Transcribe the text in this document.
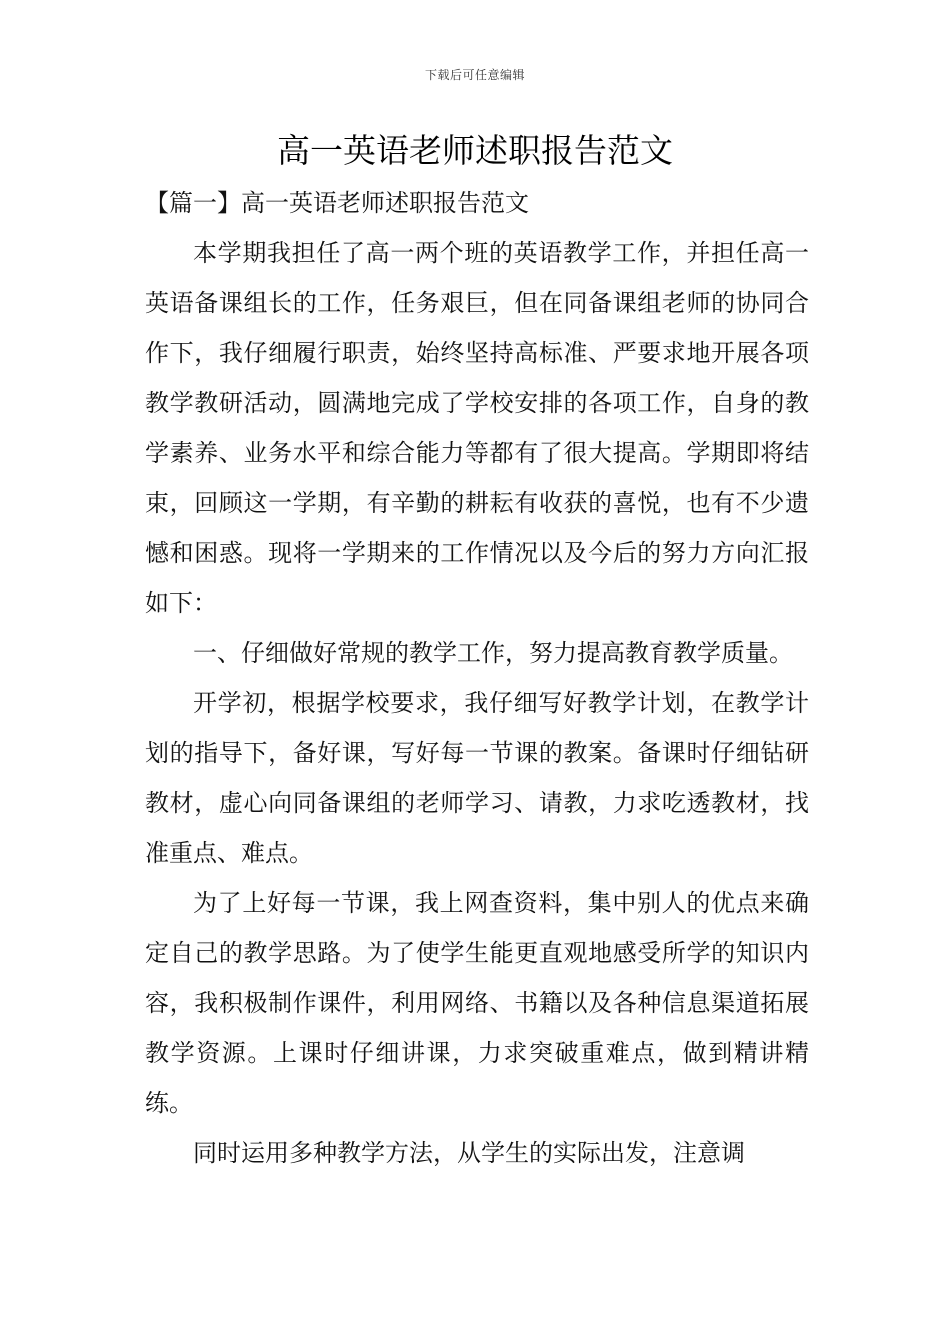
下载后可任意编辑
高一英语老师述职报告范文

【篇一】高一英语老师述职报告范文

本学期我担任了高一两个班的英语教学工作，并担任高一英语备课组长的工作，任务艰巨，但在同备课组老师的协同合作下，我仔细履行职责，始终坚持高标准、严要求地开展各项教学教研活动，圆满地完成了学校安排的各项工作，自身的教学素养、业务水平和综合能力等都有了很大提高。学期即将结束，回顾这一学期，有辛勤的耕耘有收获的喜悦，也有不少遗憾和困惑。现将一学期来的工作情况以及今后的努力方向汇报如下：

一、仔细做好常规的教学工作，努力提高教育教学质量。

开学初，根据学校要求，我仔细写好教学计划，在教学计划的指导下，备好课，写好每一节课的教案。备课时仔细钻研教材，虚心向同备课组的老师学习、请教，力求吃透教材，找准重点、难点。

为了上好每一节课，我上网查资料，集中别人的优点来确定自己的教学思路。为了使学生能更直观地感受所学的知识内容，我积极制作课件，利用网络、书籍以及各种信息渠道拓展教学资源。上课时仔细讲课，力求突破重难点，做到精讲精练。

同时运用多种教学方法，从学生的实际出发，注意调
